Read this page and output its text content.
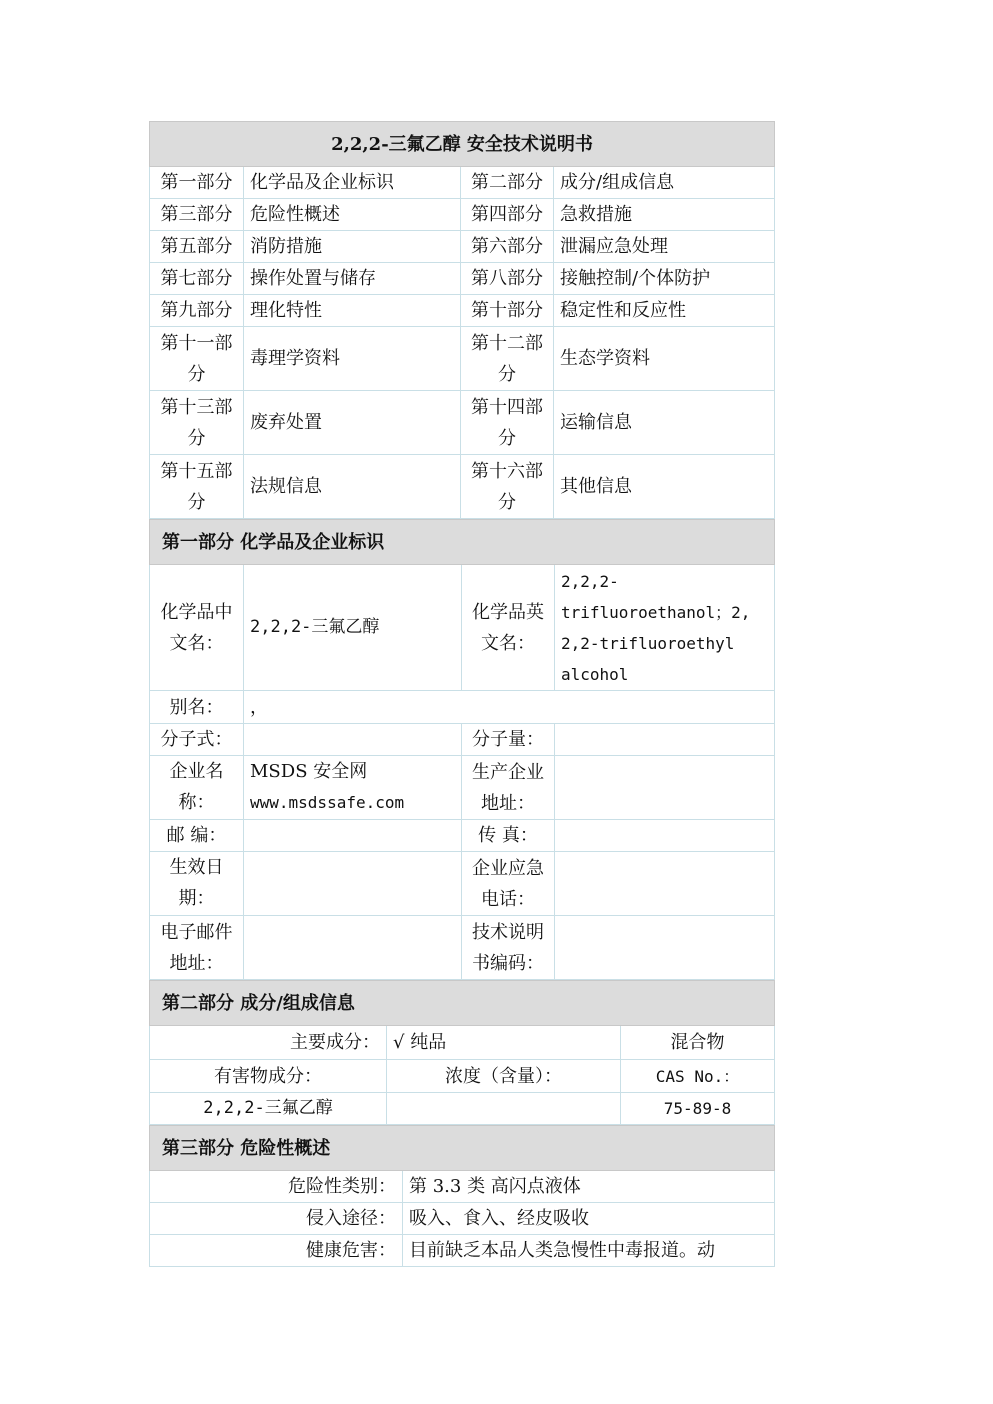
2,2,2-三氟乙醇 安全技术说明书			
第一部分	化学品及企业标识	第二部分	成分/组成信息
第三部分	危险性概述	第四部分	急救措施
第五部分	消防措施	第六部分	泄漏应急处理
第七部分	操作处置与储存	第八部分	接触控制/个体防护
第九部分	理化特性	第十部分	稳定性和反应性
第十一部分	毒理学资料	第十二部分	生态学资料
第十三部分	废弃处置	第十四部分	运输信息
第十五部分	法规信息	第十六部分	其他信息
第一部分 化学品及企业标识			
化学品中文名：	2,2,2-三氟乙醇	化学品英文名：	2,2,2-
trifluoroethanol；2,
2,2-trifluoroethyl
alcohol

别名：	，		
分子式：		分子量：	
企业名称：	MSDS 安全网
www.msdssafe.com	生产企业地址：	
邮 编：		传 真：	
生效日期：		企业应急电话：	
电子邮件地址：		技术说明书编码：	
第二部分 成分/组成信息		
主要成分：	√ 纯品	混合物
有害物成分：	浓度（含量）：	CAS No.：
2,2,2-三氟乙醇		75-89-8
第三部分 危险性概述	
危险性类别：	第 3.3 类 高闪点液体
侵入途径：	吸入、食入、经皮吸收
健康危害：	目前缺乏本品人类急慢性中毒报道。动
